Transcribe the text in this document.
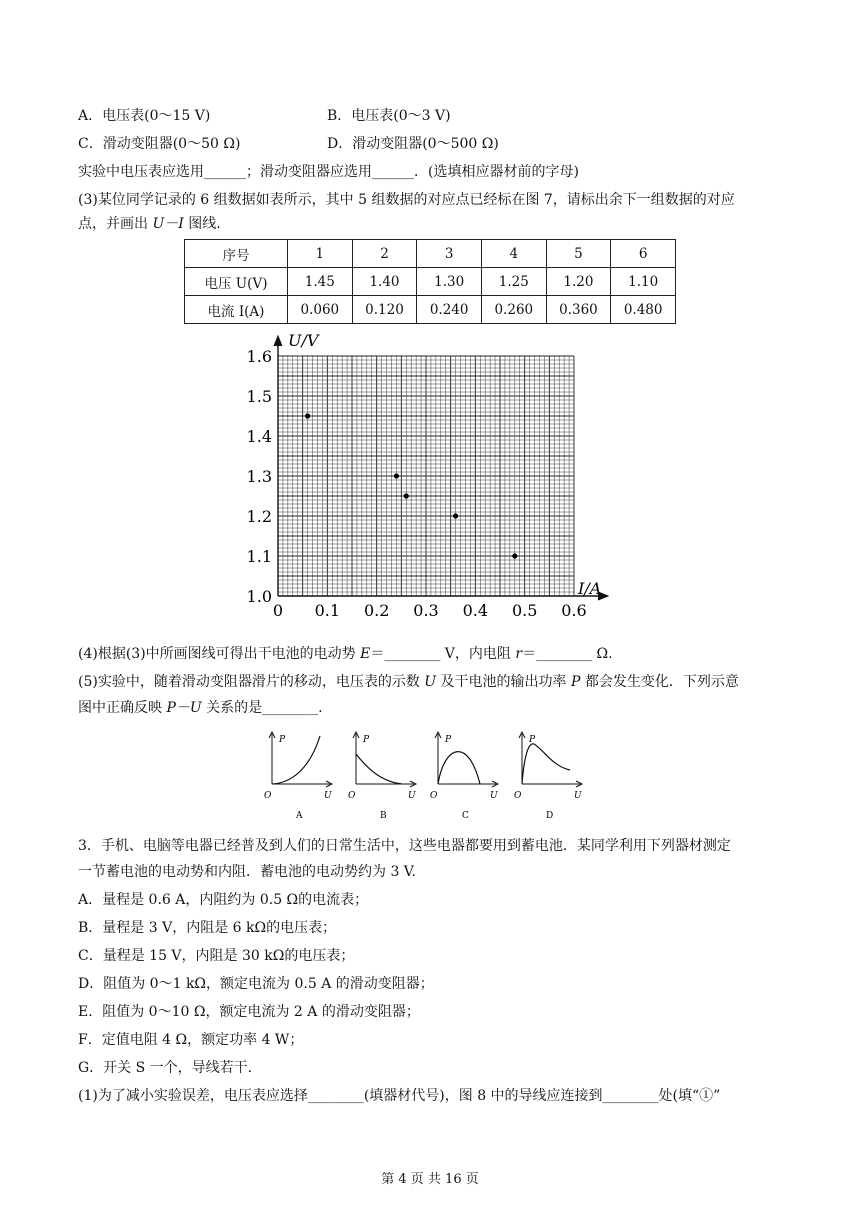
A．电压表(0～15 V)	B．电压表(0～3 V)
C．滑动变阻器(0～50 Ω)	D．滑动变阻器(0～500 Ω)
实验中电压表应选用______；滑动变阻器应选用______．(选填相应器材前的字母)
(3)某位同学记录的 6 组数据如表所示，其中 5 组数据的对应点已经标在图 7，请标出余下一组数据的对应
点，并画出 U－I 图线.
序号	1	2	3	4	5	6
电压 U(V)	1.45	1.40	1.30	1.25	1.20	1.10
电流 I(A)	0.060	0.120	0.240	0.260	0.360	0.480
1.0
1.1
1.2
1.3
1.4
1.5
1.6
0 0.1 0.2 0.3 0.4 0.5 0.6
U/V
I/A
(4)根据(3)中所画图线可得出干电池的电动势 E＝________ V，内电阻 r＝________ Ω.
(5)实验中，随着滑动变阻器滑片的移动，电压表的示数 U 及干电池的输出功率 P 都会发生变化．下列示意
图中正确反映 P－U 关系的是________.
P
U
O
A
P
U
O
B
P
U
O
C
P
U
O
D
3．手机、电脑等电器已经普及到人们的日常生活中，这些电器都要用到蓄电池．某同学利用下列器材测定
一节蓄电池的电动势和内阻．蓄电池的电动势约为 3 V.
A．量程是 0.6 A，内阻约为 0.5 Ω的电流表；
B．量程是 3 V，内阻是 6 kΩ的电压表；
C．量程是 15 V，内阻是 30 kΩ的电压表；
D．阻值为 0～1 kΩ，额定电流为 0.5 A 的滑动变阻器；
E．阻值为 0～10 Ω，额定电流为 2 A 的滑动变阻器；
F．定值电阻 4 Ω，额定功率 4 W；
G．开关 S 一个，导线若干.
(1)为了减小实验误差，电压表应选择________(填器材代号)，图 8 中的导线应连接到________处(填“①”
第 4 页 共 16 页
